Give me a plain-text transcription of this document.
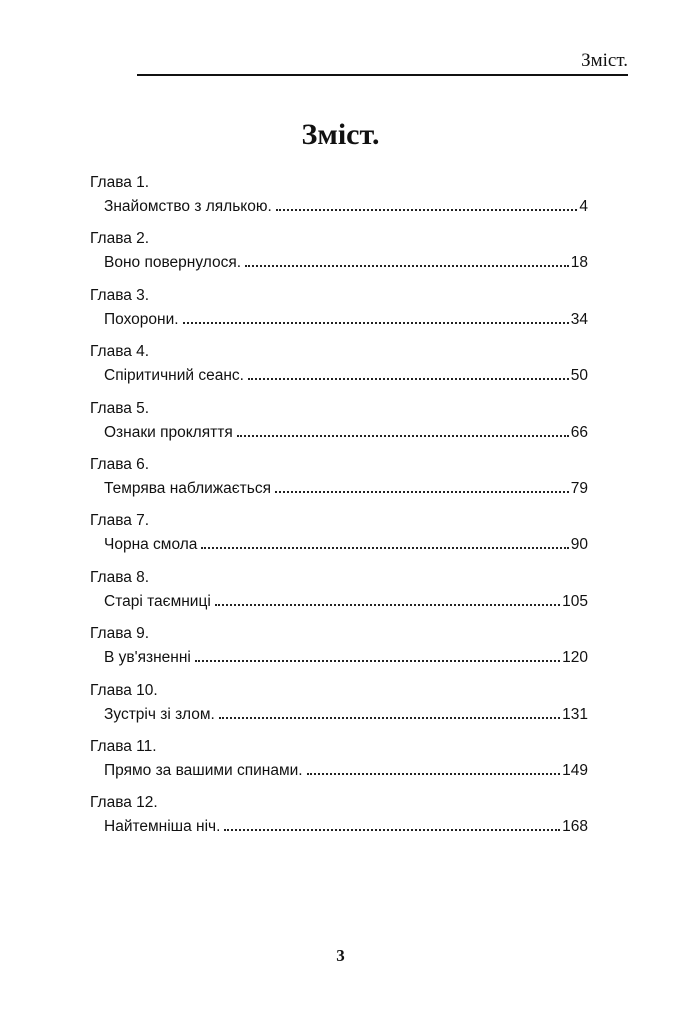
Зміст.
Зміст.
Глава 1.
Знайомство з лялькою.	4
Глава 2.
Воно повернулося.	18
Глава 3.
Похорони.	34
Глава 4.
Спіритичний сеанс.	50
Глава 5.
Ознаки прокляття	66
Глава 6.
Темрява наближається	79
Глава 7.
Чорна смола	90
Глава 8.
Старі таємниці	105
Глава 9.
В ув'язненні	120
Глава 10.
Зустріч зі злом.	131
Глава 11.
Прямо за вашими спинами.	149
Глава 12.
Найтемніша ніч.	168
3
